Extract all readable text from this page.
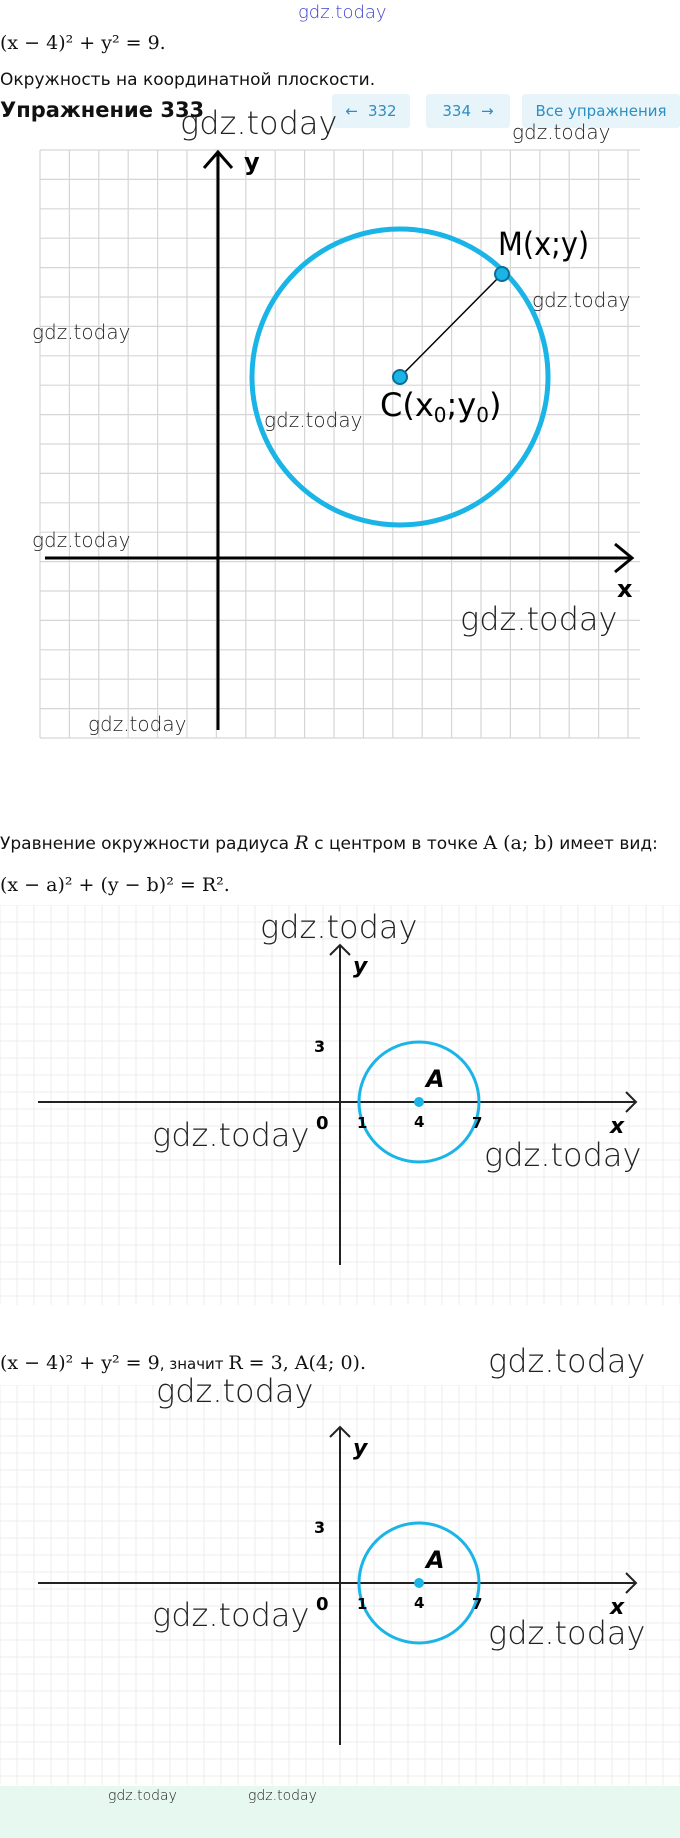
gdz.today
(x − 4)² + y² = 9.
Окружность на координатной плоскости.
Упражнение 333	← 332	334 →	Все упражнения
y
x
M(x;y)
C(x0;y0)
Уравнение окружности радиуса R с центром в точке A (a; b) имеет вид:
(x − a)² + (y − b)² = R².
y
x
0
3
1	4	7
A
(x − 4)² + y² = 9, значит R = 3, A(4; 0).
y
x
0
3
1	4	7
A
gdz.today	gdz.today
gdz.today
gdz.today
gdz.today
gdz.today
gdz.today
gdz.today
gdz.today
gdz.today
gdz.today
gdz.today
gdz.today
gdz.today	gdz.today
gdz.today	gdz.today
